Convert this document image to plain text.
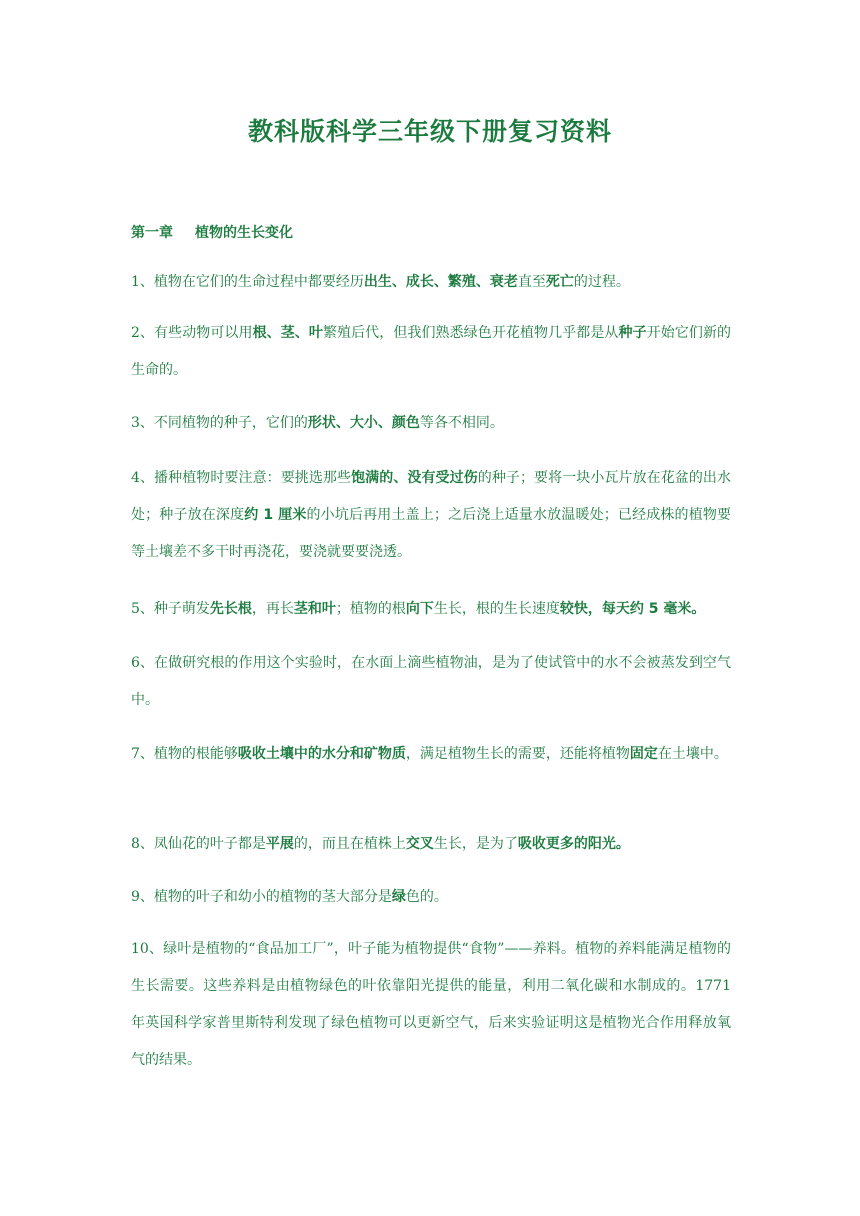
教科版科学三年级下册复习资料

第一章 植物的生长变化

1、植物在它们的生命过程中都要经历出生、成长、繁殖、衰老直至死亡的过程。

2、有些动物可以用根、茎、叶繁殖后代，但我们熟悉绿色开花植物几乎都是从种子开始它们新的生命的。

3、不同植物的种子，它们的形状、大小、颜色等各不相同。

4、播种植物时要注意：要挑选那些饱满的、没有受过伤的种子；要将一块小瓦片放在花盆的出水处；种子放在深度约 1 厘米的小坑后再用土盖上；之后浇上适量水放温暖处；已经成株的植物要等土壤差不多干时再浇花，要浇就要要浇透。

5、种子萌发先长根，再长茎和叶；植物的根向下生长，根的生长速度较快，每天约 5 毫米。

6、在做研究根的作用这个实验时，在水面上滴些植物油，是为了使试管中的水不会被蒸发到空气中。

7、植物的根能够吸收土壤中的水分和矿物质，满足植物生长的需要，还能将植物固定在土壤中。

8、凤仙花的叶子都是平展的，而且在植株上交叉生长，是为了吸收更多的阳光。

9、植物的叶子和幼小的植物的茎大部分是绿色的。

10、绿叶是植物的“食品加工厂”，叶子能为植物提供“食物”——养料。植物的养料能满足植物的生长需要。这些养料是由植物绿色的叶依靠阳光提供的能量，利用二氧化碳和水制成的。1771 年英国科学家普里斯特利发现了绿色植物可以更新空气，后来实验证明这是植物光合作用释放氧气的结果。
